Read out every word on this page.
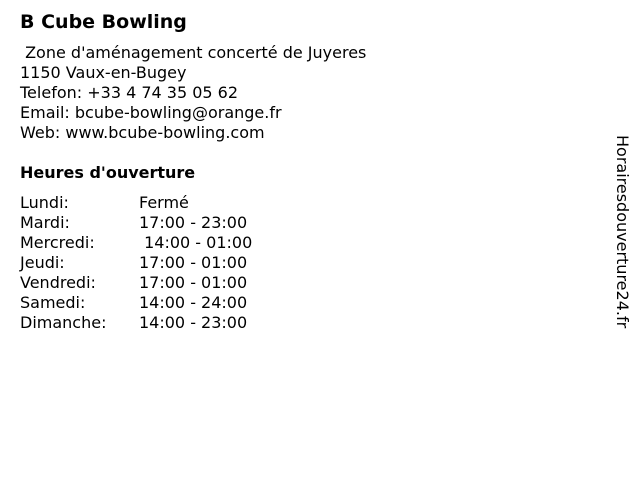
B Cube Bowling
Zone d'aménagement concerté de Juyeres
1150 Vaux-en-Bugey
Telefon: +33 4 74 35 05 62
Email: bcube-bowling@orange.fr
Web: www.bcube-bowling.com
Heures d'ouverture
Lundi:	Fermé
Mardi:	17:00 - 23:00
Mercredi:	14:00 - 01:00
Jeudi:	17:00 - 01:00
Vendredi:	17:00 - 01:00
Samedi:	14:00 - 24:00
Dimanche:	14:00 - 23:00	Horairesdouverture24.fr
